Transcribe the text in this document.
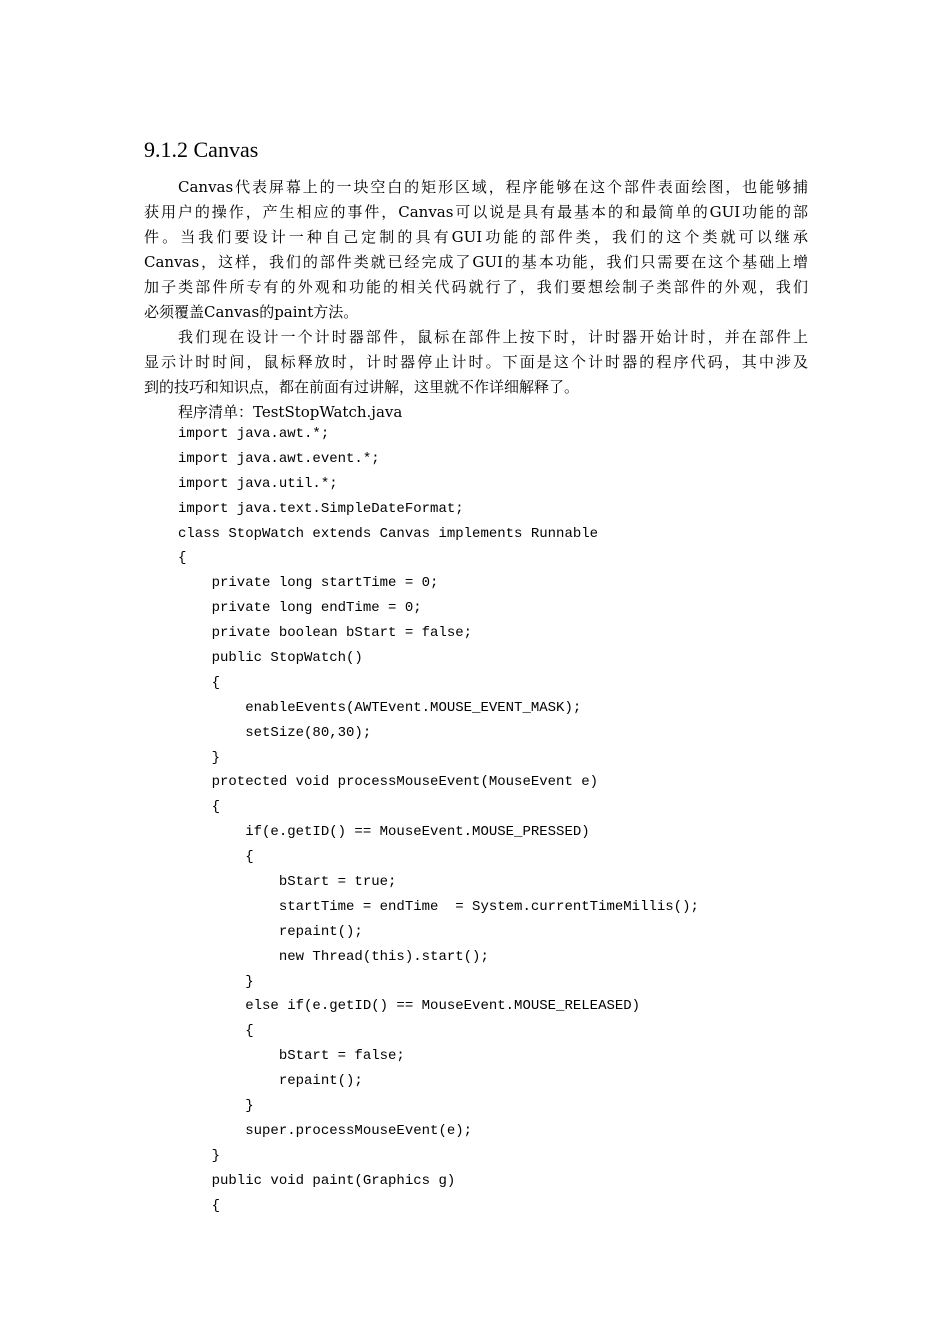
9.1.2 Canvas
Canvas代表屏幕上的一块空白的矩形区域，程序能够在这个部件表面绘图，也能够捕
获用户的操作，产生相应的事件，Canvas可以说是具有最基本的和最简单的GUI功能的部
件。当我们要设计一种自己定制的具有GUI功能的部件类，我们的这个类就可以继承
Canvas，这样，我们的部件类就已经完成了GUI的基本功能，我们只需要在这个基础上增
加子类部件所专有的外观和功能的相关代码就行了，我们要想绘制子类部件的外观，我们
必须覆盖Canvas的paint方法。
我们现在设计一个计时器部件，鼠标在部件上按下时，计时器开始计时，并在部件上
显示计时时间，鼠标释放时，计时器停止计时。下面是这个计时器的程序代码，其中涉及
到的技巧和知识点，都在前面有过讲解，这里就不作详细解释了。
程序清单：TestStopWatch.java
import java.awt.*;
import java.awt.event.*;
import java.util.*;
import java.text.SimpleDateFormat;
class StopWatch extends Canvas implements Runnable
{
private long startTime = 0;
private long endTime = 0;
private boolean bStart = false;
public StopWatch()
{
enableEvents(AWTEvent.MOUSE_EVENT_MASK);
setSize(80,30);
}
protected void processMouseEvent(MouseEvent e)
{
if(e.getID() == MouseEvent.MOUSE_PRESSED)
{
bStart = true;
startTime = endTime  = System.currentTimeMillis();
repaint();
new Thread(this).start();
}
else if(e.getID() == MouseEvent.MOUSE_RELEASED)
{
bStart = false;
repaint();
}
super.processMouseEvent(e);
}
public void paint(Graphics g)
{
